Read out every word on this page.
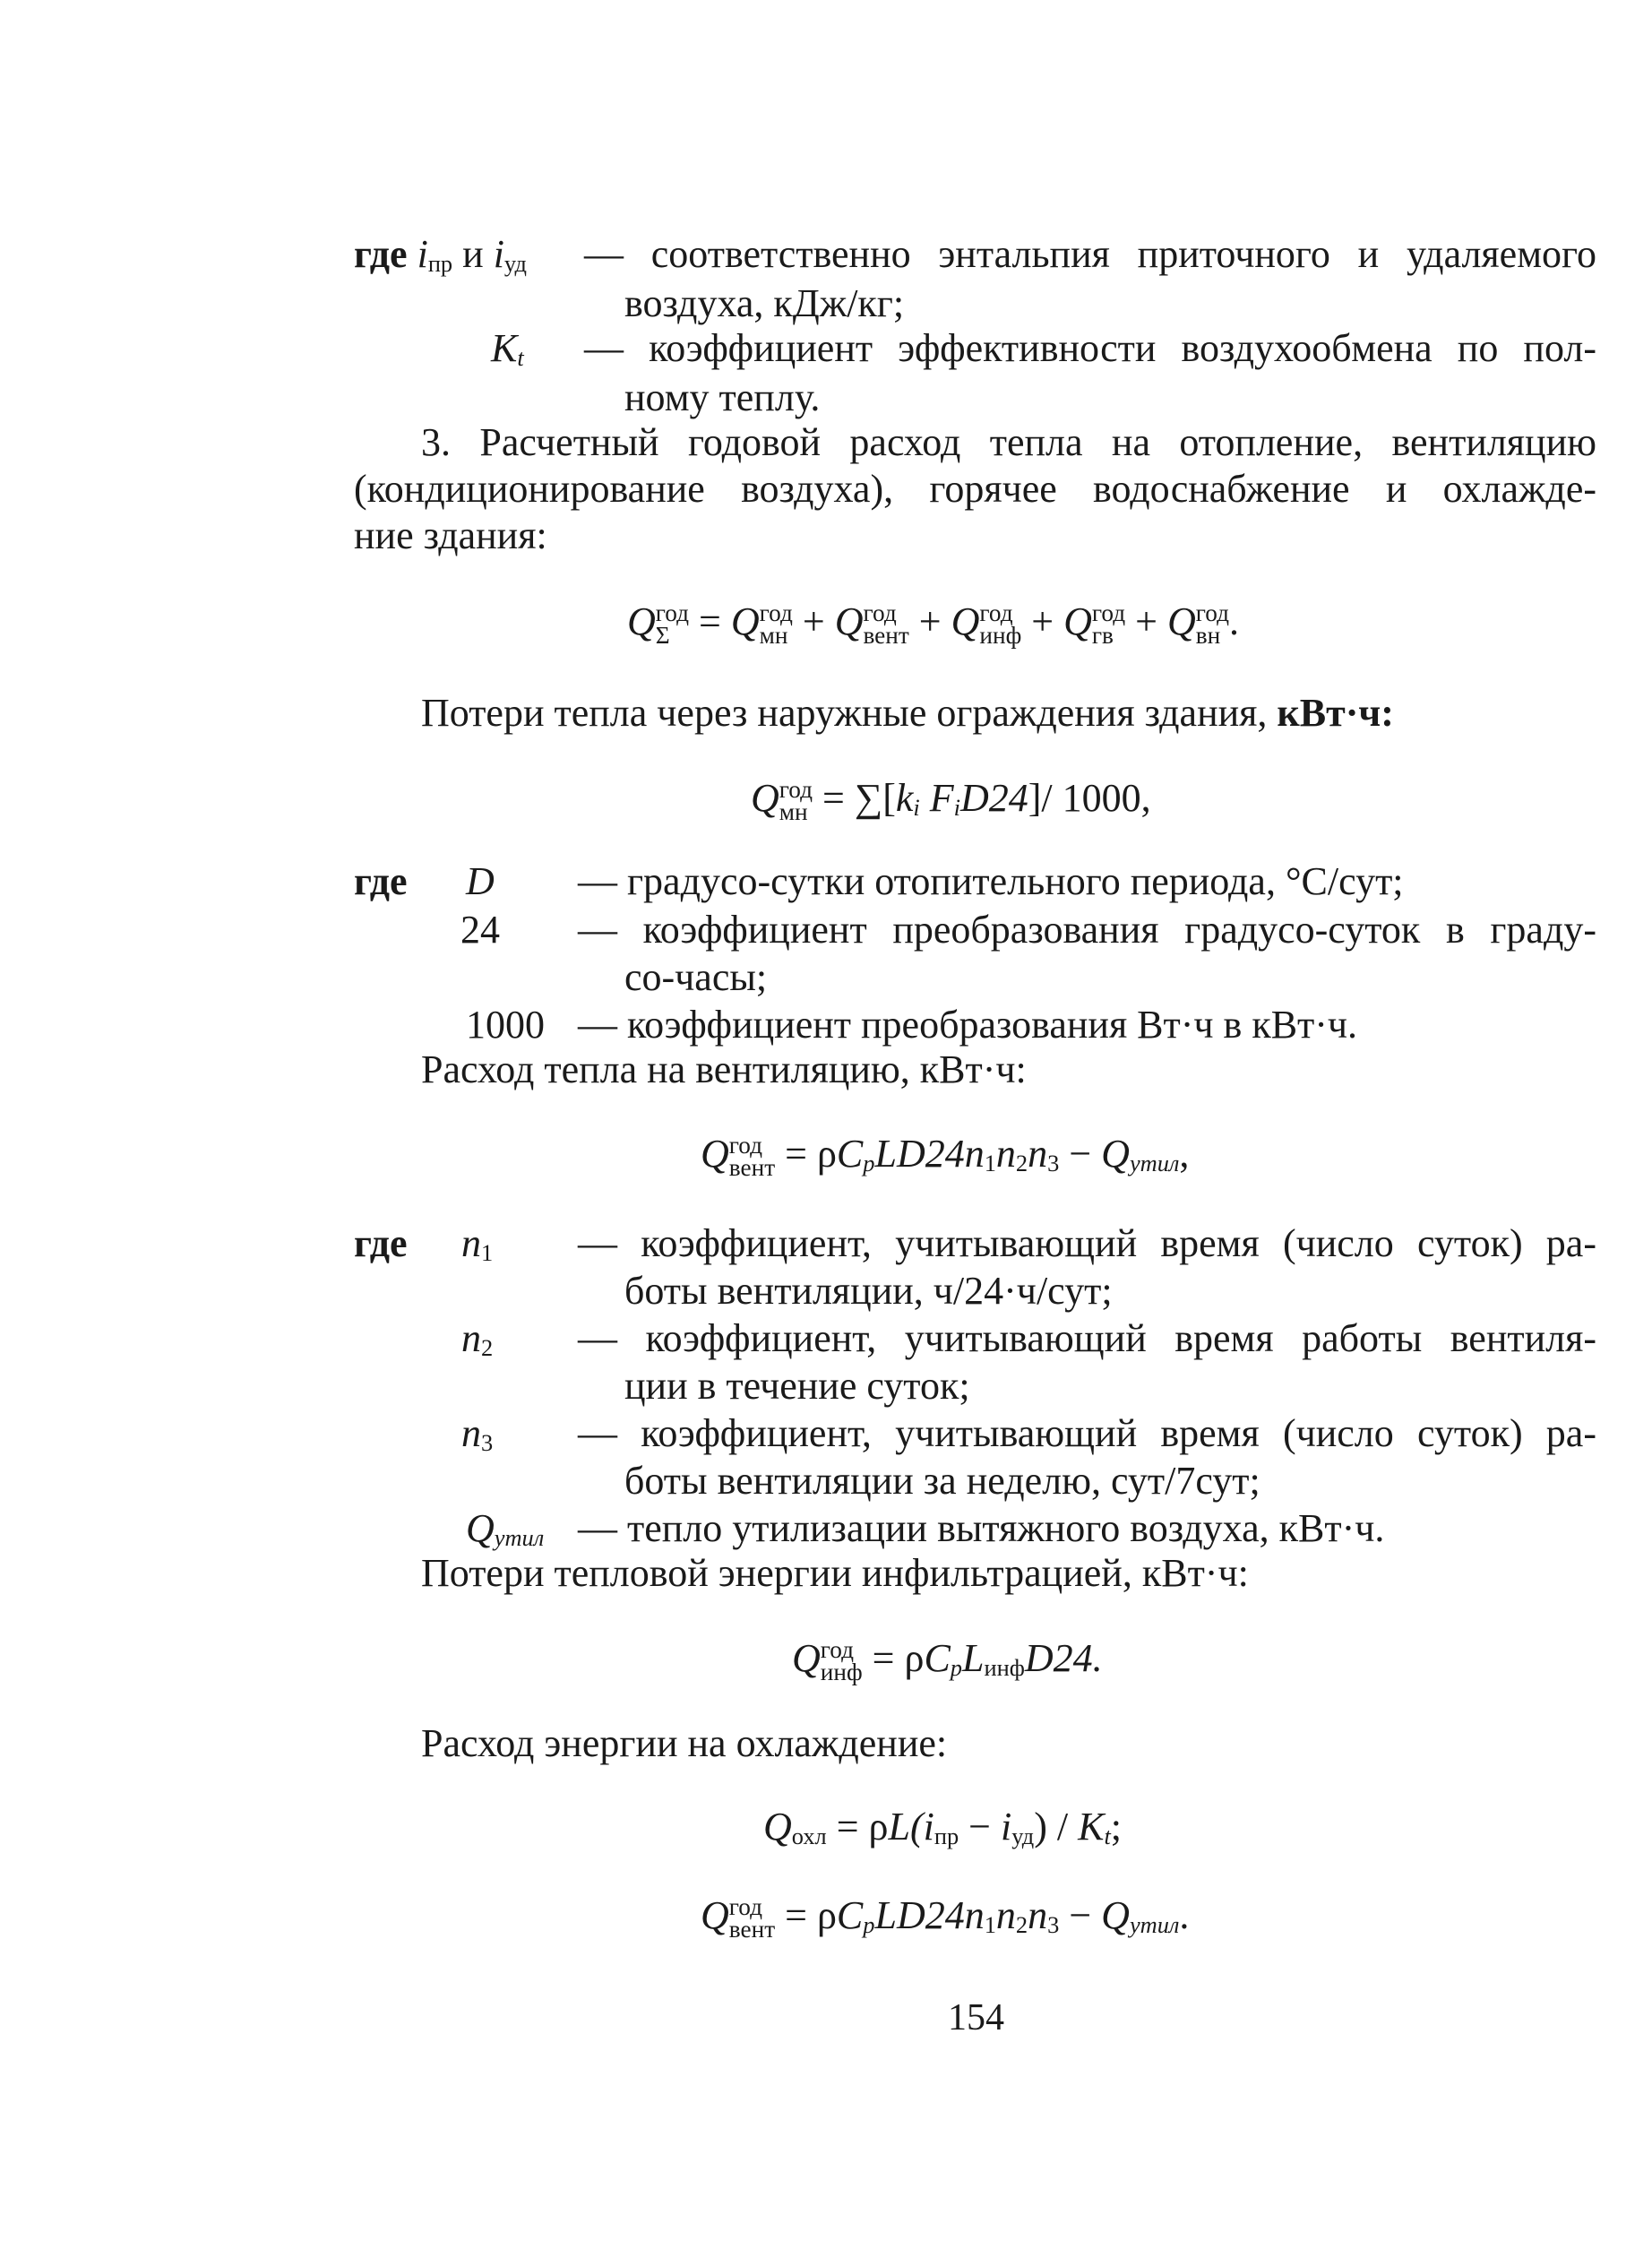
где $i_{пр}$ и $i_{уд}$ — соответственно энтальпия приточного и удаляемого
воздуха, кДж/кг;
$K_t$ — коэффициент эффективности воздухообмена по пол-
ному теплу.
3. Расчетный годовой расход тепла на отопление, вентиляцию
(кондиционирование воздуха), горячее водоснабжение и охлажде-
ние здания:
Q год
Σ = Q год
мн + Q год
вент + Q год
инф + Q год
гв + Q год
вн .
Потери тепла через наружные ограждения здания, кВт·ч:
Q год
мн = $\sum[k_i$ $F_iD24]/$ 1000,
где D — градусо-сутки отопительного периода, °С/сут;
24 — коэффициент преобразования градусо-суток в граду-
со-часы;
1000 — коэффициент преобразования Вт·ч в кВт·ч.
Расход тепла на вентиляцию, кВт·ч:
Q год
вент = $\rho C_pLD24n_1n_2n_3 - Q_{утил}$,
где $n_1$ — коэффициент, учитывающий время (число суток) ра-
боты вентиляции, ч/24·ч/сут;
$n_2$ — коэффициент, учитывающий время работы вентиля-
ции в течение суток;
$n_3$ — коэффициент, учитывающий время (число суток) ра-
боты вентиляции за неделю, сут/7сут;
$Q_{утил}$ — тепло утилизации вытяжного воздуха, кВт·ч.
Потери тепловой энергии инфильтрацией, кВт·ч:
Q год
инф = $\rho C_pL_{инф}D24$.
Расход энергии на охлаждение:
$Q_{охл} = \rho L(i_{пр} - i_{уд}) / K_t$;
Q год
вент = $\rho C_pLD24n_1n_2n_3 - Q_{утил}$.
154
